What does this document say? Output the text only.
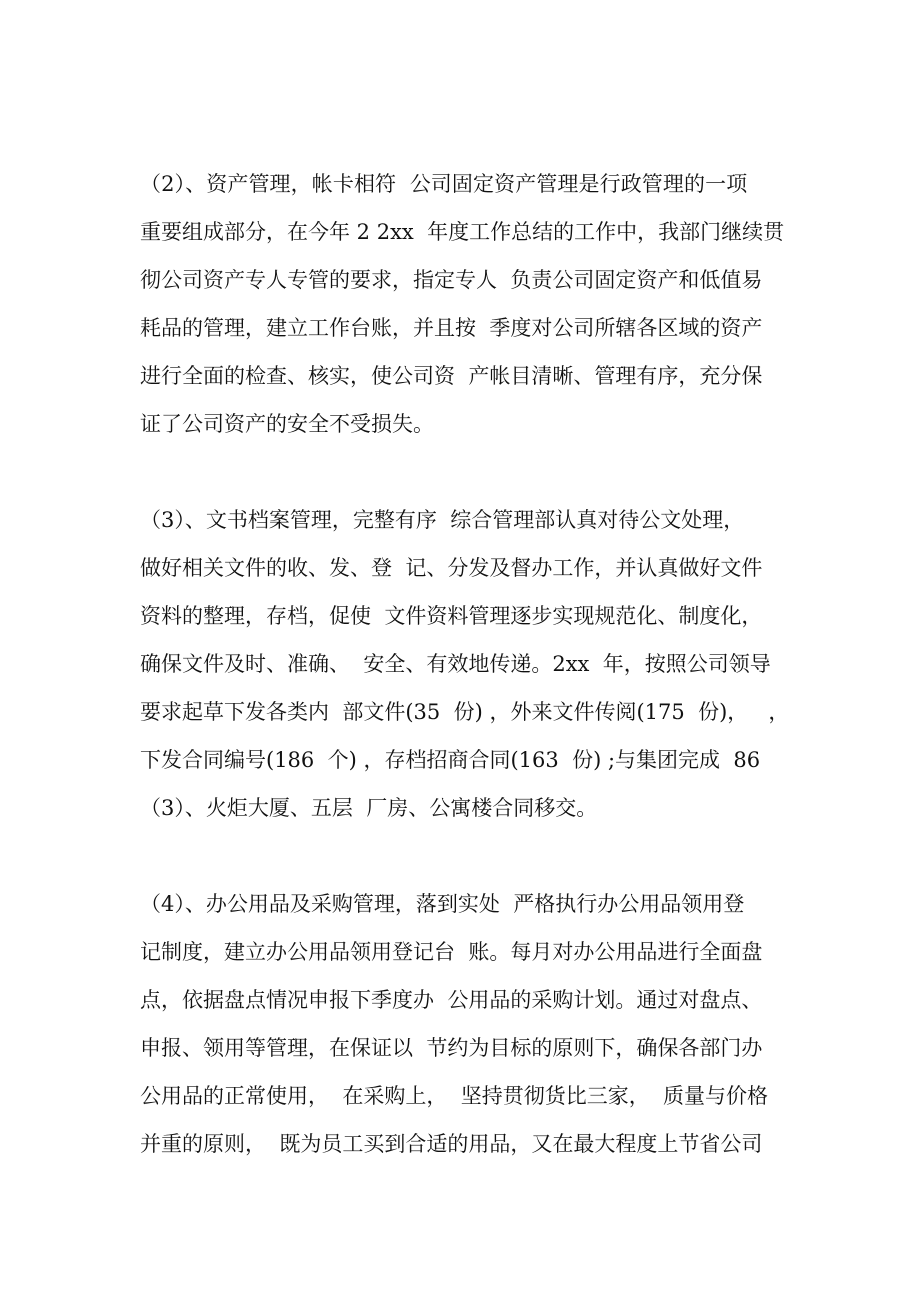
（2）、资产管理，帐卡相符  公司固定资产管理是行政管理的一项
重要组成部分，在今年 2 2xx  年度工作总结的工作中，我部门继续贯
彻公司资产专人专管的要求，指定专人  负责公司固定资产和低值易
耗品的管理，建立工作台账，并且按  季度对公司所辖各区域的资产
进行全面的检查、核实，使公司资  产帐目清晰、管理有序，充分保
证了公司资产的安全不受损失。
（3）、文书档案管理，完整有序  综合管理部认真对待公文处理，
做好相关文件的收、发、登  记、分发及督办工作，并认真做好文件
资料的整理，存档，促使  文件资料管理逐步实现规范化、制度化，
确保文件及时、准确、  安全、有效地传递。2xx  年，按照公司领导
要求起草下发各类内  部文件(35  份) ，外来文件传阅(175  份)，   ，
下发合同编号(186  个) ，存档招商合同(163  份) ;与集团完成  86
（3）、火炬大厦、五层  厂房、公寓楼合同移交。
（4）、办公用品及采购管理，落到实处  严格执行办公用品领用登
记制度，建立办公用品领用登记台  账。每月对办公用品进行全面盘
点，依据盘点情况申报下季度办  公用品的采购计划。通过对盘点、
申报、领用等管理，在保证以  节约为目标的原则下，确保各部门办
公用品的正常使用，  在采购上，  坚持贯彻货比三家，  质量与价格
并重的原则，  既为员工买到合适的用品，又在最大程度上节省公司
